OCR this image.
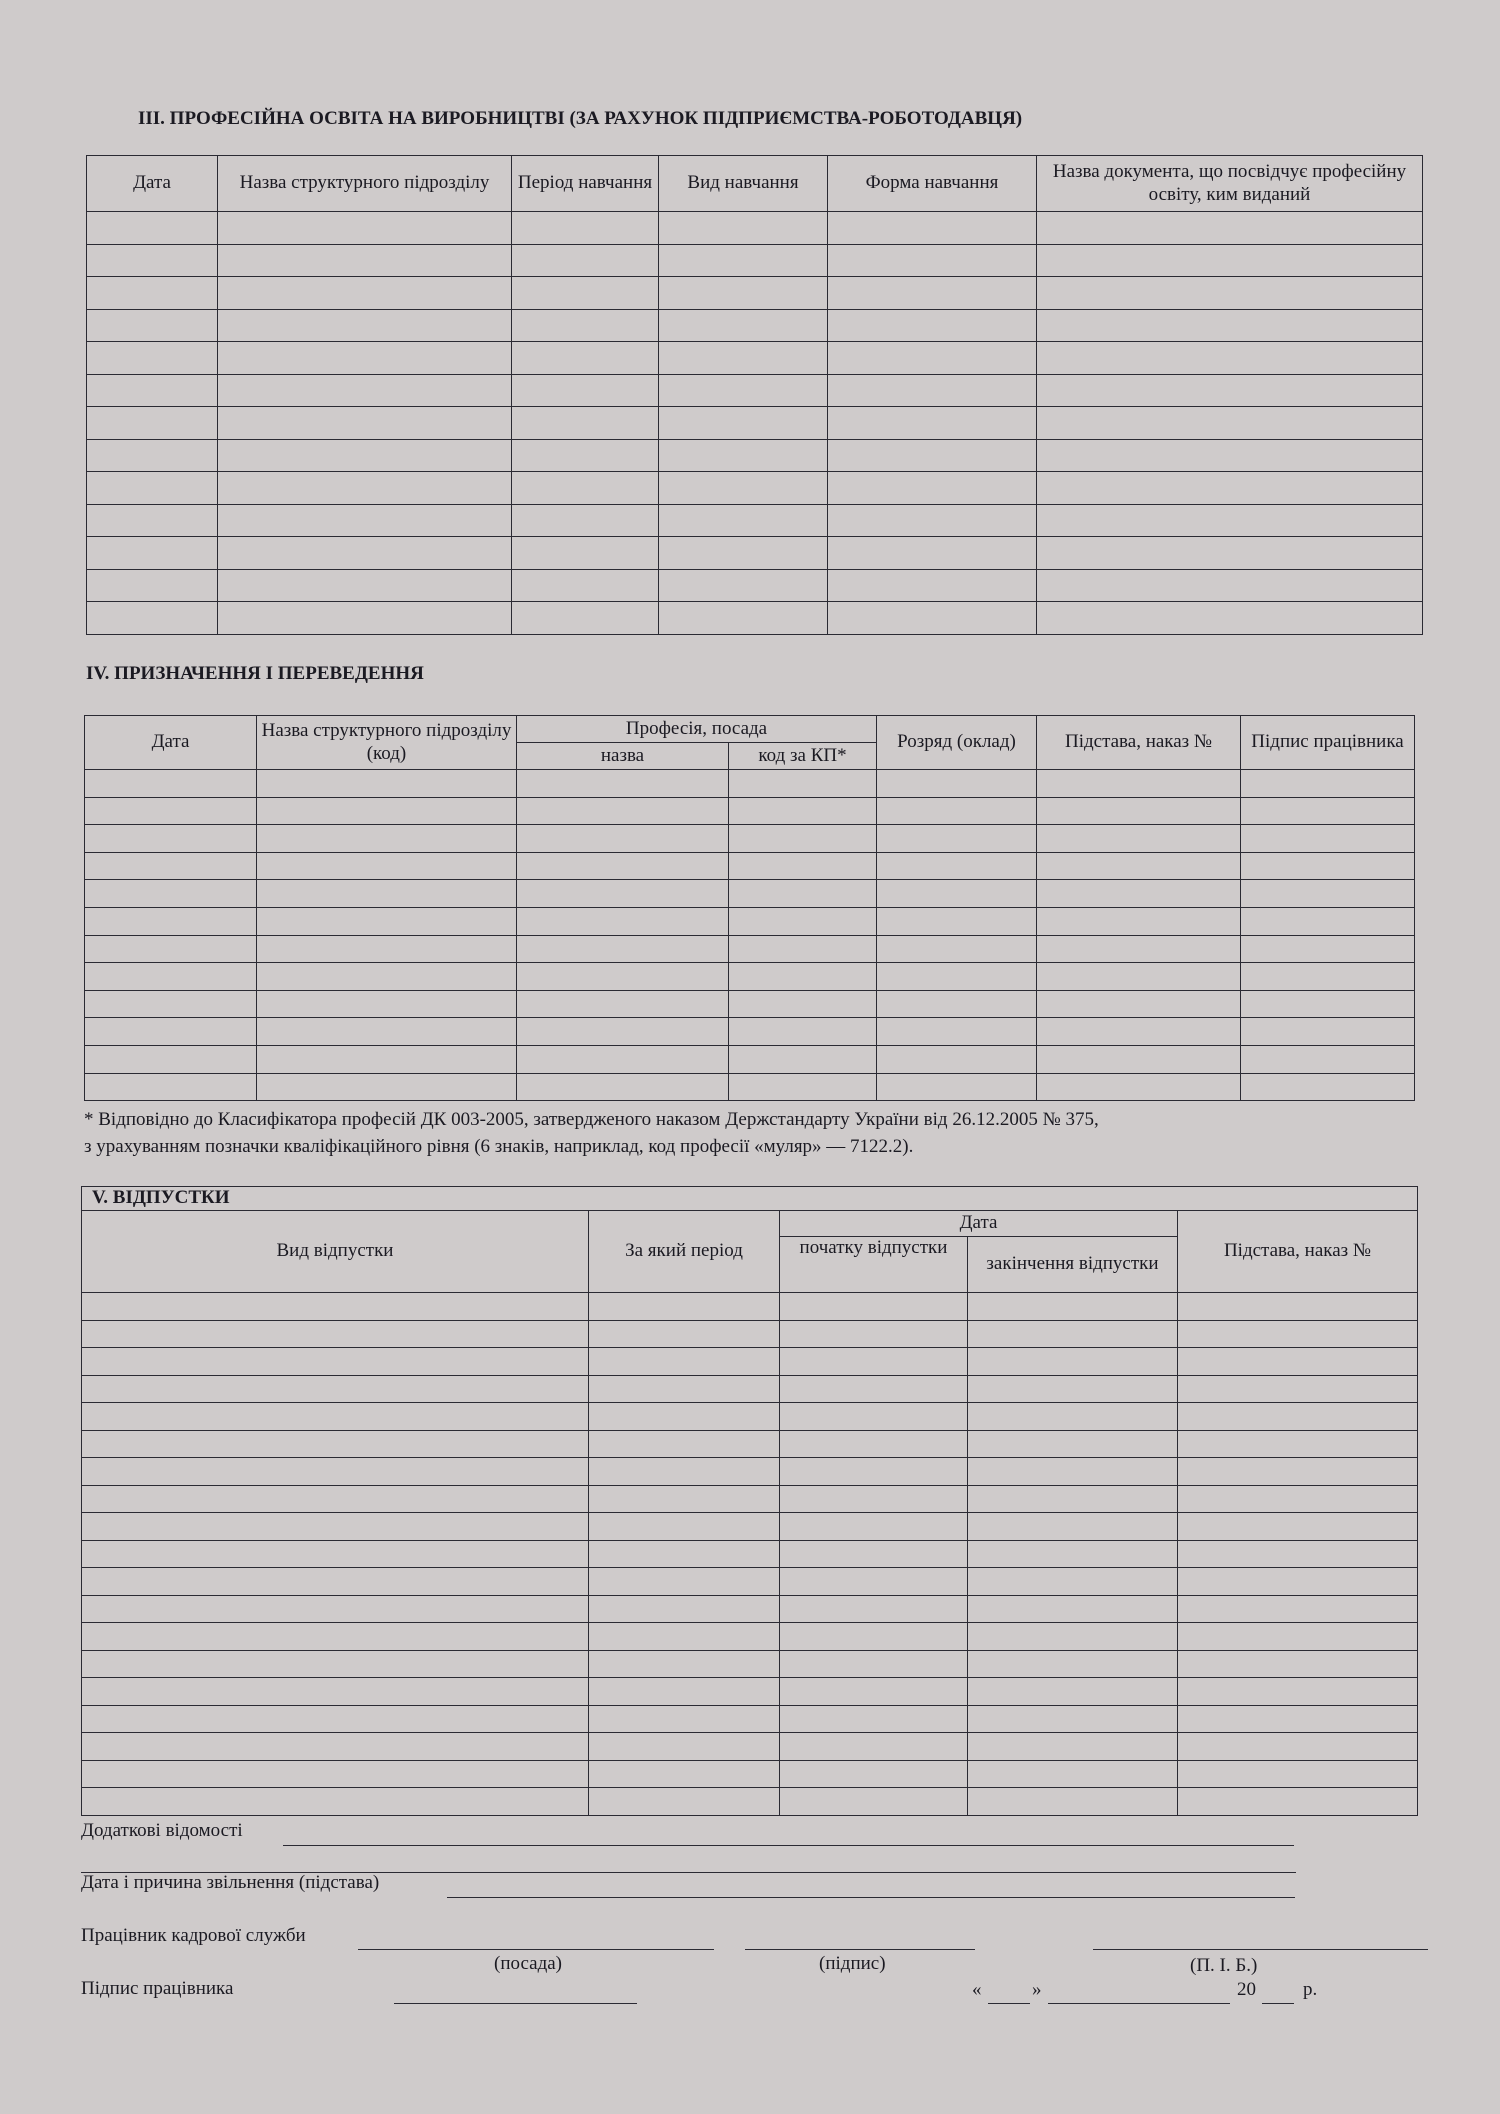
III. ПРОФЕСІЙНА ОСВІТА НА ВИРОБНИЦТВІ (ЗА РАХУНОК ПІДПРИЄМСТВА-РОБОТОДАВЦЯ)
Дата	Назва структурного підрозділу	Період навчання	Вид навчання	Форма навчання	Назва документа, що посвідчує професійну освіту, ким виданий

IV. ПРИЗНАЧЕННЯ І ПЕРЕВЕДЕННЯ
Дата	Назва структурного підрозділу (код)	Професія, посада		Розряд (оклад)	Підстава, наказ №	Підпис працівника
		назва	код за КП*			

* Відповідно до Класифікатора професій ДК 003-2005, затвердженого наказом Держстандарту України від 26.12.2005 № 375,
з урахуванням позначки кваліфікаційного рівня (6 знаків, наприклад, код професії «муляр» — 7122.2).
V. ВІДПУСТКИ				
Вид відпустки	За який період	Дата		Підстава, наказ №
		початку відпустки	закінчення відпустки	

Додаткові відомості
Дата і причина звільнення (підстава)
Працівник кадрової служби
(посада)	(підпис)	(П. І. Б.)
Підпис працівника	«	»	20 р.
